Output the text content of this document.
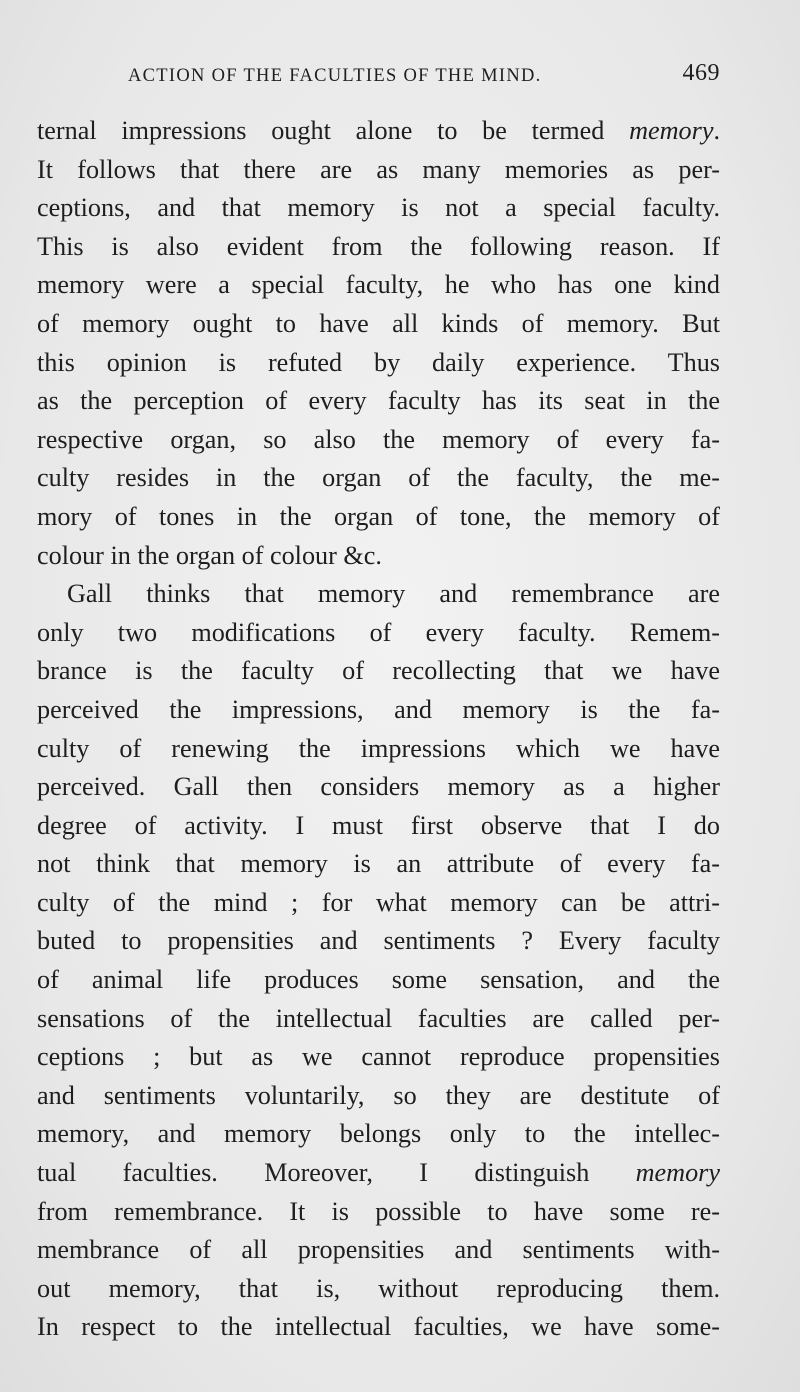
ACTION OF THE FACULTIES OF THE MIND.	469
ternal impressions ought alone to be termed memory.
It follows that there are as many memories as per-
ceptions, and that memory is not a special faculty.
This is also evident from the following reason. If
memory were a special faculty, he who has one kind
of memory ought to have all kinds of memory. But
this opinion is refuted by daily experience. Thus
as the perception of every faculty has its seat in the
respective organ, so also the memory of every fa-
culty resides in the organ of the faculty, the me-
mory of tones in the organ of tone, the memory of
colour in the organ of colour &c.
Gall thinks that memory and remembrance are
only two modifications of every faculty. Remem-
brance is the faculty of recollecting that we have
perceived the impressions, and memory is the fa-
culty of renewing the impressions which we have
perceived. Gall then considers memory as a higher
degree of activity. I must first observe that I do
not think that memory is an attribute of every fa-
culty of the mind ; for what memory can be attri-
buted to propensities and sentiments ? Every faculty
of animal life produces some sensation, and the
sensations of the intellectual faculties are called per-
ceptions ; but as we cannot reproduce propensities
and sentiments voluntarily, so they are destitute of
memory, and memory belongs only to the intellec-
tual faculties. Moreover, I distinguish memory
from remembrance. It is possible to have some re-
membrance of all propensities and sentiments with-
out memory, that is, without reproducing them.
In respect to the intellectual faculties, we have some-
